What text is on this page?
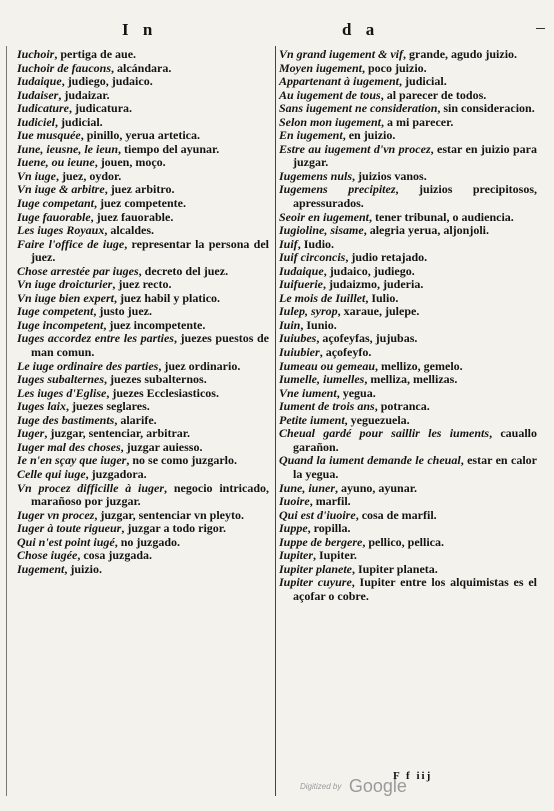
I n	d a

Iuchoir, pertiga de aue.

Iuchoir de faucons, alcándara.

Iudaique, judiego, judaico.

Iudaiser, judaizar.

Iudicature, judicatura.

Iudiciel, judicial.

Iue musquée, pinillo, yerua artetica.

Iune, ieusne, le ieun, tiempo del ayunar.

Iuene, ou ieune, jouen, moço.

Vn iuge, juez, oydor.

Vn iuge & arbitre, juez arbitro.

Iuge competant, juez competente.

Iuge fauorable, juez fauorable.

Les iuges Royaux, alcaldes.

Faire l'office de iuge, representar la persona del juez.

Chose arrestée par iuges, decreto del juez.

Vn iuge droicturier, juez recto.

Vn iuge bien expert, juez habil y platico.

Iuge competent, justo juez.

Iuge incompetent, juez incompetente.

Iuges accordez entre les parties, juezes puestos de man comun.

Le iuge ordinaire des parties, juez ordinario.

Iuges subalternes, juezes subalternos.

Les iuges d'Eglise, juezes Ecclesiasticos.

Iuges laix, juezes seglares.

Iuge des bastiments, alarife.

Iuger, juzgar, sentenciar, arbitrar.

Iuger mal des choses, juzgar auiesso.

Ie n'en sçay que iuger, no se como juzgarlo.

Celle qui iuge, juzgadora.

Vn procez difficille à iuger, negocio intricado, marañoso por juzgar.

Iuger vn procez, juzgar, sentenciar vn pleyto.

Iuger à toute rigueur, juzgar a todo rigor.

Qui n'est point iugé, no juzgado.

Chose iugée, cosa juzgada.

Iugement, juizio.

Vn grand iugement & vif, grande, agudo juizio.

Moyen iugement, poco juizio.

Appartenant à iugement, judicial.

Au iugement de tous, al parecer de todos.

Sans iugement ne consideration, sin consideracion.

Selon mon iugement, a mi parecer.

En iugement, en juizio.

Estre au iugement d'vn procez, estar en juizio para juzgar.

Iugemens nuls, juizios vanos.

Iugemens precipitez, juizios precipitosos, apressurados.

Seoir en iugement, tener tribunal, o audiencia.

Iugioline, sisame, alegria yerua, aljonjoli.

Iuif, Iudio.

Iuif circoncis, judio retajado.

Iudaique, judaico, judiego.

Iuifuerie, judaizmo, juderia.

Le mois de Iuillet, Iulio.

Iulep, syrop, xaraue, julepe.

Iuin, Iunio.

Iuiubes, açofeyfas, jujubas.

Iuiubier, açofeyfo.

Iumeau ou gemeau, mellizo, gemelo.

Iumelle, iumelles, melliza, mellizas.

Vne iument, yegua.

Iument de trois ans, potranca.

Petite iument, yeguezuela.

Cheual gardé pour saillir les iuments, cauallo garañon.

Quand la iument demande le cheual, estar en calor la yegua.

Iune, iuner, ayuno, ayunar.

Iuoire, marfil.

Qui est d'iuoire, cosa de marfil.

Iuppe, ropilla.

Iuppe de bergere, pellico, pellica.

Iupiter, Iupiter.

Iupiter planete, Iupiter planeta.

Iupiter cuyure, Iupiter entre los alquimistas es el açofar o cobre.

Digitized by Google
F f iij
